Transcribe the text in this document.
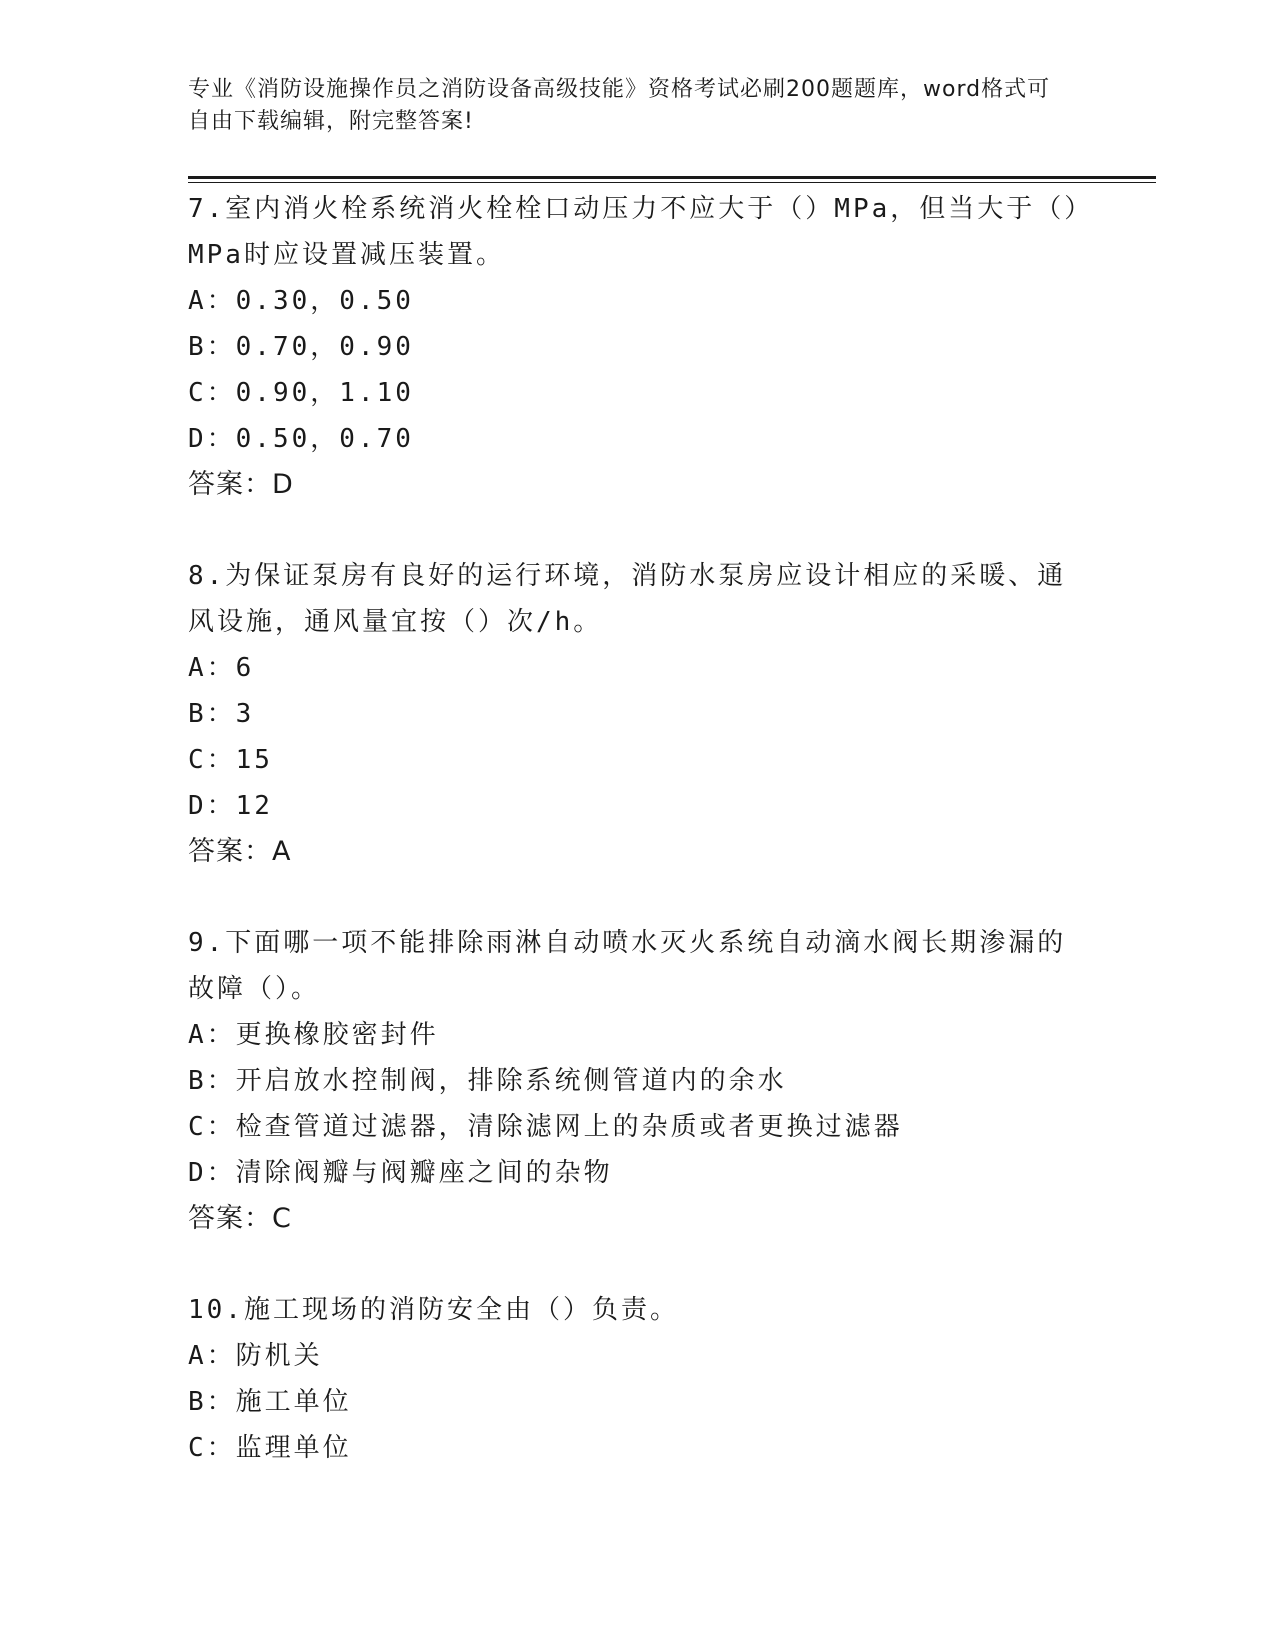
专业《消防设施操作员之消防设备高级技能》资格考试必刷200题题库，word格式可自由下载编辑，附完整答案!

7.室内消火栓系统消火栓栓口动压力不应大于（）MPa，但当大于（）MPa时应设置减压装置。

A：0.30，0.50
B：0.70，0.90
C：0.90，1.10
D：0.50，0.70
答案：D

8.为保证泵房有良好的运行环境，消防水泵房应设计相应的采暖、通风设施，通风量宜按（）次/h。

A：6
B：3
C：15
D：12
答案：A

9.下面哪一项不能排除雨淋自动喷水灭火系统自动滴水阀长期渗漏的故障（）。

A：更换橡胶密封件
B：开启放水控制阀，排除系统侧管道内的余水
C：检查管道过滤器，清除滤网上的杂质或者更换过滤器
D：清除阀瓣与阀瓣座之间的杂物
答案：C

10.施工现场的消防安全由（）负责。

A：防机关
B：施工单位
C：监理单位
